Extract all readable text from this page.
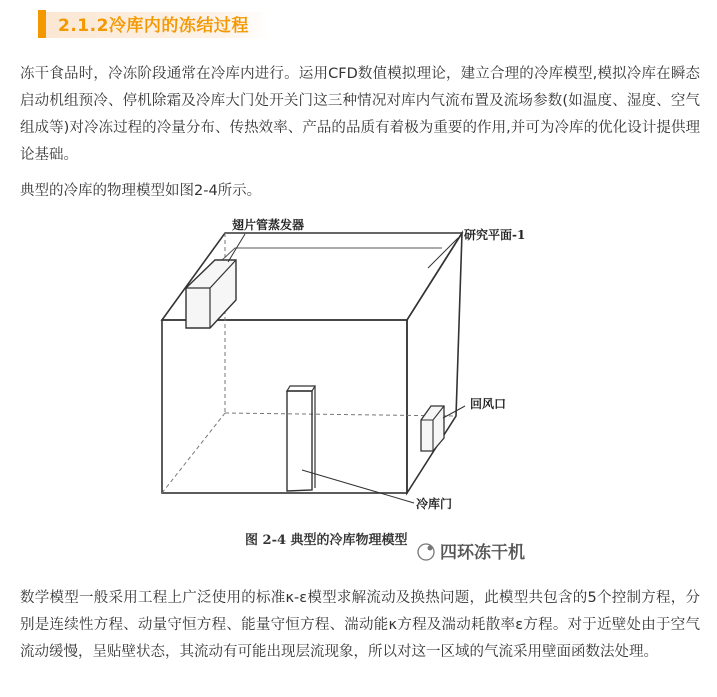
2.1.2冷库内的冻结过程

冻干食品时，冷冻阶段通常在冷库内进行。运用CFD数值模拟理论，建立合理的冷库模型,模拟冷库在瞬态启动机组预冷、停机除霜及冷库大门处开关门这三种情况对库内气流布置及流场参数(如温度、湿度、空气组成等)对冷冻过程的冷量分布、传热效率、产品的品质有着极为重要的作用,并可为冷库的优化设计提供理论基础。

典型的冷库的物理模型如图2-4所示。

翅片管蒸发器
研究平面-1
回风口
冷库门
图 2-4 典型的冷库物理模型
四环冻干机

数学模型一般采用工程上广泛使用的标准κ-ε模型求解流动及换热问题，此模型共包含的5个控制方程，分别是连续性方程、动量守恒方程、能量守恒方程、湍动能κ方程及湍动耗散率ε方程。对于近壁处由于空气流动缓慢，呈贴壁状态，其流动有可能出现层流现象，所以对这一区域的气流采用壁面函数法处理。
